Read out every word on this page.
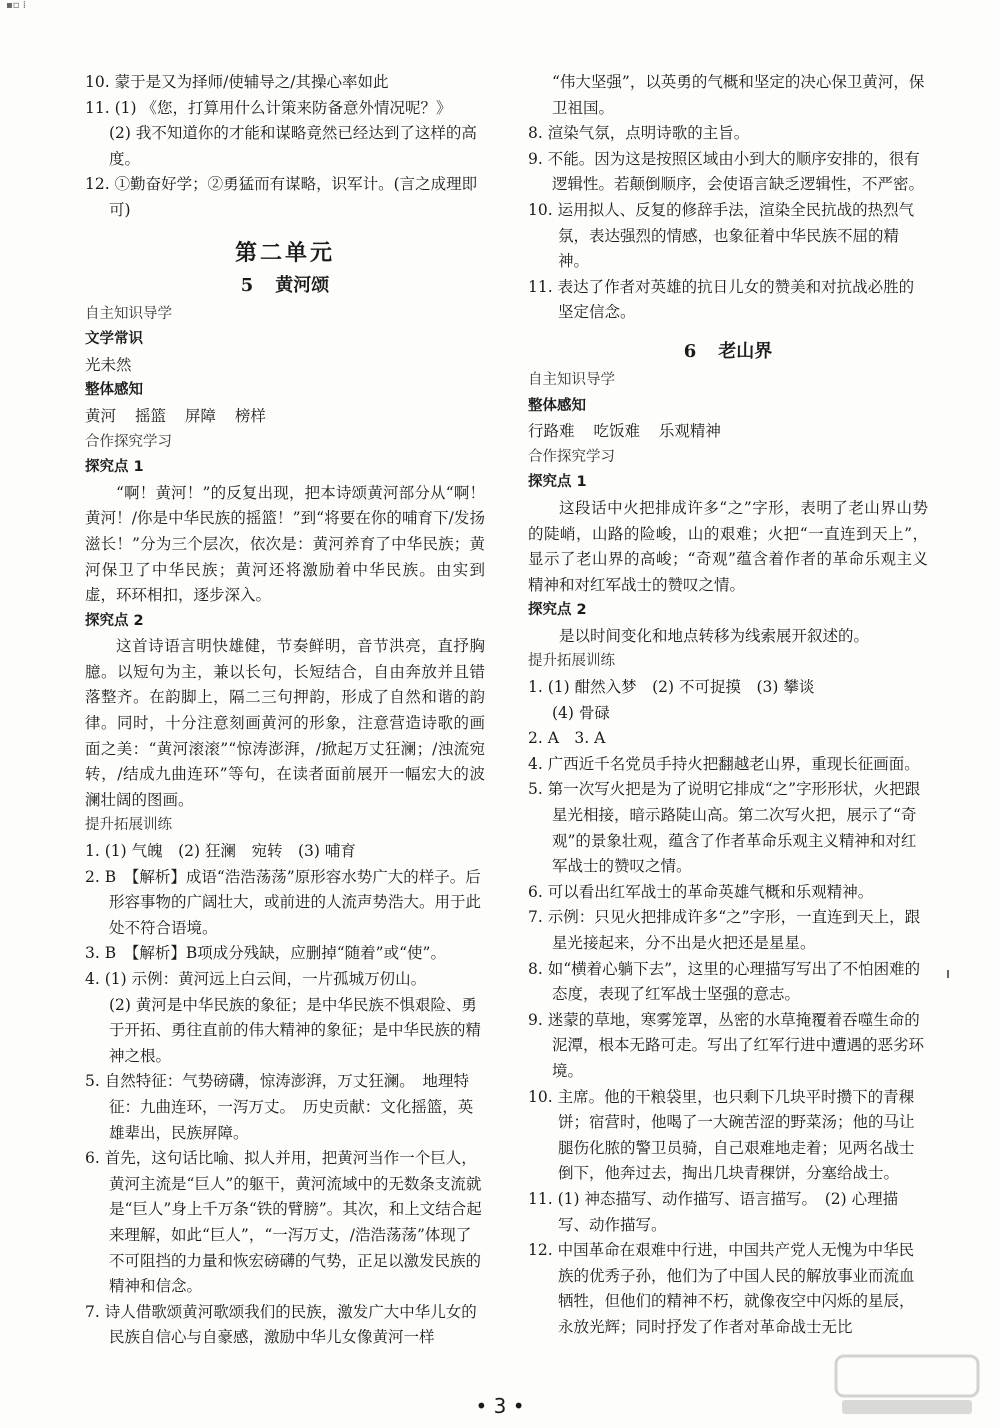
▪▫ ⁞
10. 蒙于是又为择师/使辅导之/其操心率如此
11. (1) 《您，打算用什么计策来防备意外情况呢？》
(2) 我不知道你的才能和谋略竟然已经达到了这样的高度。
12. ①勤奋好学；②勇猛而有谋略，识军计。(言之成理即可)
第二单元
5 黄河颂
自主知识导学
文学常识
光未然
整体感知
黄河 摇篮 屏障 榜样
合作探究学习
探究点 1
“啊！黄河！”的反复出现，把本诗颂黄河部分从“啊！黄河！/你是中华民族的摇篮！”到“将要在你的哺育下/发扬滋长！”分为三个层次，依次是：黄河养育了中华民族；黄河保卫了中华民族；黄河还将激励着中华民族。由实到虚，环环相扣，逐步深入。
探究点 2
这首诗语言明快雄健，节奏鲜明，音节洪亮，直抒胸臆。以短句为主，兼以长句，长短结合，自由奔放并且错落整齐。在韵脚上，隔二三句押韵，形成了自然和谐的韵律。同时，十分注意刻画黄河的形象，注意营造诗歌的画面之美：“黄河滚滚”“惊涛澎湃，/掀起万丈狂澜；/浊流宛转，/结成九曲连环”等句，在读者面前展开一幅宏大的波澜壮阔的图画。
提升拓展训练
1. (1) 气魄　(2) 狂澜　宛转　(3) 哺育
2. B　【解析】成语“浩浩荡荡”原形容水势广大的样子。后形容事物的广阔壮大，或前进的人流声势浩大。用于此处不符合语境。
3. B　【解析】B项成分残缺，应删掉“随着”或“使”。
4. (1) 示例：黄河远上白云间，一片孤城万仞山。
(2) 黄河是中华民族的象征；是中华民族不惧艰险、勇于开拓、勇往直前的伟大精神的象征；是中华民族的精神之根。
5. 自然特征：气势磅礴，惊涛澎湃，万丈狂澜。　地理特征：九曲连环，一泻万丈。　历史贡献：文化摇篮，英雄辈出，民族屏障。
6. 首先，这句话比喻、拟人并用，把黄河当作一个巨人，黄河主流是“巨人”的躯干，黄河流域中的无数条支流就是“巨人”身上千万条“铁的臂膀”。其次，和上文结合起来理解，如此“巨人”，“一泻万丈，/浩浩荡荡”体现了不可阻挡的力量和恢宏磅礴的气势，正足以激发民族的精神和信念。
7. 诗人借歌颂黄河歌颂我们的民族，激发广大中华儿女的民族自信心与自豪感，激励中华儿女像黄河一样
“伟大坚强”，以英勇的气概和坚定的决心保卫黄河，保卫祖国。
8. 渲染气氛，点明诗歌的主旨。
9. 不能。因为这是按照区域由小到大的顺序安排的，很有逻辑性。若颠倒顺序，会使语言缺乏逻辑性，不严密。
10. 运用拟人、反复的修辞手法，渲染全民抗战的热烈气氛，表达强烈的情感，也象征着中华民族不屈的精神。
11. 表达了作者对英雄的抗日儿女的赞美和对抗战必胜的坚定信念。
6 老山界
自主知识导学
整体感知
行路难 吃饭难 乐观精神
合作探究学习
探究点 1
这段话中火把排成许多“之”字形，表明了老山界山势的陡峭，山路的险峻，山的艰难；火把“一直连到天上”，显示了老山界的高峻；“奇观”蕴含着作者的革命乐观主义精神和对红军战士的赞叹之情。
探究点 2
是以时间变化和地点转移为线索展开叙述的。
提升拓展训练
1. (1) 酣然入梦　(2) 不可捉摸　(3) 攀谈
(4) 骨碌
2. A　3. A
4. 广西近千名党员手持火把翻越老山界，重现长征画面。
5. 第一次写火把是为了说明它排成“之”字形形状，火把跟星光相接，暗示路陡山高。第二次写火把，展示了“奇观”的景象壮观，蕴含了作者革命乐观主义精神和对红军战士的赞叹之情。
6. 可以看出红军战士的革命英雄气概和乐观精神。
7. 示例：只见火把排成许多“之”字形，一直连到天上，跟星光接起来，分不出是火把还是星星。
8. 如“横着心躺下去”，这里的心理描写写出了不怕困难的态度，表现了红军战士坚强的意志。
9. 迷蒙的草地，寒雾笼罩，丛密的水草掩覆着吞噬生命的泥潭，根本无路可走。写出了红军行进中遭遇的恶劣环境。
10. 主席。他的干粮袋里，也只剩下几块平时攒下的青稞饼；宿营时，他喝了一大碗苦涩的野菜汤；他的马让腿伤化脓的警卫员骑，自己艰难地走着；见两名战士倒下，他奔过去，掏出几块青稞饼，分塞给战士。
11. (1) 神态描写、动作描写、语言描写。　(2) 心理描写、动作描写。
12. 中国革命在艰难中行进，中国共产党人无愧为中华民族的优秀子孙，他们为了中国人民的解放事业而流血牺牲，但他们的精神不朽，就像夜空中闪烁的星辰，永放光辉；同时抒发了作者对革命战士无比
• 3 •
